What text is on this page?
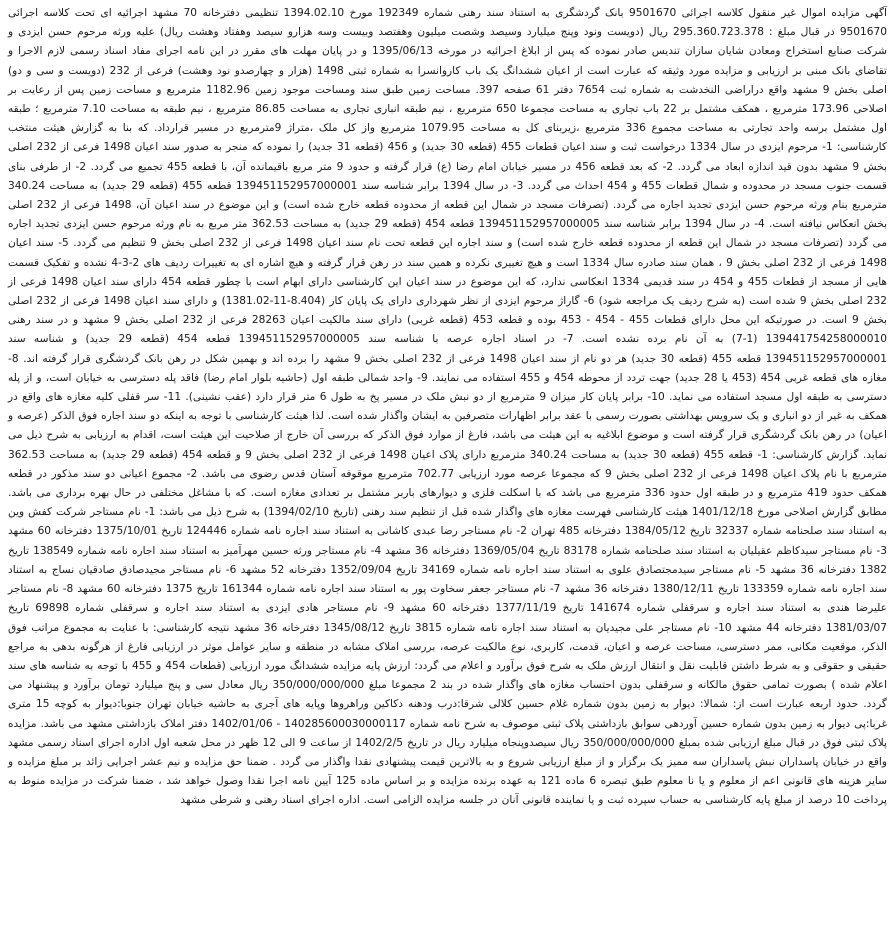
آگهی مزایده اموال غیر منقول کلاسه اجرائی 9501670 بانک گردشگری به استناد سند رهنی شماره 192349 مورخ 1394.02.10 تنظیمی دفترخانه 70 مشهد اجرائیه ای تحت کلاسه اجرائی 9501670 در قبال مبلغ : 295.360.723.378 ریال (دویست ونود وپنج میلیارد وسیصد وشصت میلیون وهفتصد وبیست وسه هزارو سیصد وهفتاد وهشت ریال) علیه ورثه مرحوم حسن ایزدی و شرکت صنایع استخراج ومعادن شایان سازان تندیس صادر نموده که پس از ابلاغ اجرائیه در مورخه 1395/06/13 و در پایان مهلت های مقرر در این نامه اجرای مفاد اسناد رسمی لازم الاجرا و تقاضای بانک مبنی بر ارزیابی و مزایده مورد وثیقه که عبارت است از اعیان ششدانگ یک باب کاروانسرا به شماره ثبتی 1498 (هزار و چهارصدو نود وهشت) فرعی از 232 (دویست و سی و دو) اصلی بخش 9 مشهد واقع دراراضی النخدشت به شماره ثبت 7654 دفتر 61 صفحه 397. مساحت زمین طبق سند ومساحت موجود زمین 1182.96 مترمربع و مساحت زمین پس از رعایت بر اصلاحی 173.96 مترمربع ، همکف مشتمل بر 22 باب تجاری به مساحت مجموعا 650 مترمربع ، نیم طبقه انباری تجاری به مساحت 86.85 مترمربع ، نیم طبقه به مساحت 7.10 مترمربع ؛ طبقه اول مشتمل برسه واحد تجارتی به مساحت مجموع 336 مترمربع ،زیربنای کل به مساحت 1079.95 مترمربع واز کل ملک ،متراژ 9مترمربع در مسیر قرارداد. که بنا به گزارش هیئت منتخب کارشناسی: 1- مرحوم ایزدی در سال 1334 درخواست ثبت و سند اعیان قطعات 455 (قطعه 30 جدید) و 456 (قطعه 31 جدید) را نموده که منجر به صدور سند اعیان 1498 فرعی از 232 اصلی بخش 9 مشهد بدون قید اندازه ابعاد می گردد. 2- که بعد قطعه 456 در مسیر خیابان امام رضا (ع) قرار گرفته و حدود 9 متر مربع باقیمانده آن، با قطعه 455 تجمیع می گردد. 2- از طرفی بنای قسمت جنوب مسجد در محدوده و شمال قطعات 455 و 454 احداث می گردد. 3- در سال 1394 برابر شناسه سند 139451152957000001 قطعه 455 (قطعه 29 جدید) به مساحت 340.24 مترمربع بنام ورثه مرحوم حسن ایزدی تجدید اجاره می گردد. (تصرفات مسجد در شمال این قطعه از محدوده قطعه خارج شده است) و این موضوع در سند اعیان آن، 1498 فرعی از 232 اصلی بخش انعکاس نیافته است. 4- در سال 1394 برابر شناسه سند 139451152957000005 قطعه 454 (قطعه 29 جدید) به مساحت 362.53 متر مربع به نام ورثه مرحوم حسن ایزدی تجدید اجاره می گردد (تصرفات مسجد در شمال این قطعه از محدوده قطعه خارج شده است) و سند اجاره این قطعه تحت نام سند اعیان 1498 فرعی از 232 اصلی بخش 9 تنظیم می گردد. 5- سند اعیان 1498 فرعی از 232 اصلی بخش 9 ، همان سند صادره سال 1334 است و هیچ تغییری نکرده و همین سند در رهن قرار گرفته و هیچ اشاره ای به تغییرات ردیف های 2-3-4 نشده و تفکیک قسمت هایی از مسجد از قطعات 455 و 454 در سند قدیمی 1334 انعکاسی ندارد، که این موضوع در سند اعیان این کارشناسی دارای ابهام است با چطور قطعه 454 دارای سند اعیان 1498 فرعی از 232 اصلی بخش 9 شده است (به شرح ردیف یک مراجعه شود) 6- گاراژ مرحوم ایزدی از نظر شهرداری دارای یک پایان کار (8.404-11-1381.02) و دارای سند اعیان 1498 فرعی از 232 اصلی بخش 9 است. در صورتیکه این محل دارای قطعات 455 - 454 - 453 بوده و قطعه 453 (قطعه غربی) دارای سند مالکیت اعیان 28263 فرعی از 232 اصلی بخش 9 مشهد و در سند رهنی 139441754258000010 (1-7) به آن نام برده نشده است. 7- در اسناد اجاره عرصه با شناسه سند 139451152957000005 قطعه 454 (قطعه 29 جدید) و شناسه سند 139451152957000001 قطعه 455 (قطعه 30 جدید) هر دو نام از سند اعیان 1498 فرعی از 232 اصلی بخش 9 مشهد را برده اند و بهمین شکل در رهن بانک گردشگری قرار گرفته اند. 8- مغازه های قطعه غربی 454 (453 یا 28 جدید) جهت تردد از محوطه 454 و 455 استفاده می نمایند. 9- واحد شمالی طبقه اول (حاشیه بلوار امام رضا) فاقد پله دسترسی به خیابان است، و از پله دسترسی به طبقه اول مسجد استفاده می نماید. 10- برابر پایان کار میزان 9 مترمربع از دو نبش ملک در مسیر پخ به طول 6 متر قرار دارد (عقب نشینی). 11- سر قفلی کلیه مغازه های واقع در همکف به غیر از دو انباری و یک سرویس بهداشتی بصورت رسمی با عقد برابر اظهارات متصرفین به ایشان واگذار شده است. لذا هیئت کارشناسی با توجه به اینکه دو سند اجاره فوق الذکر (عرصه و اعیان) در رهن بانک گردشگری قرار گرفته است و موضوع ابلاغیه به این هیئت می باشد، فارغ از موارد فوق الذکر که بررسی آن خارج از صلاحیت این هیئت است، اقدام به ارزیابی به شرح ذیل می نماید. گزارش کارشناسی: 1- قطعه 455 (قطعه 30 جدید) به مساحت 340.24 مترمربع دارای پلاک اعیان 1498 فرعی از 232 اصلی بخش 9 و قطعه 454 (قطعه 29 جدید) به مساحت 362.53 مترمربع با نام پلاک اعیان 1498 فرعی از 232 اصلی بخش 9 که مجموعا عرصه مورد ارزیابی 702.77 مترمربع موقوفه آستان قدس رضوی می باشد. 2- مجموع اعیانی دو سند مذکور در قطعه همکف حدود 419 مترمربع و در طبقه اول حدود 336 مترمربع می باشد که با اسکلت فلزی و دیوارهای باربر مشتمل بر تعدادی مغازه است. که با مشاغل مختلفی در حال بهره برداری می باشد. مطابق گزارش اصلاحی مورخ 1401/12/18 هیئت کارشناسی فهرست مغازه های واگذار شده قبل از تنظیم سند رهنی (تاریخ 1394/02/10) به شرح ذیل می باشد: 1- نام مستاجر شرکت کفش وین به استناد سند صلحنامه شماره 32337 تاریخ 1384/05/12 دفترخانه 485 تهران 2- نام مستاجر رضا عبدی کاشانی به استناد سند اجاره نامه شماره 124446 تاریخ 1375/10/01 دفترخانه 60 مشهد 3- نام مستاجر سیدکاظم عقیلیان به استناد سند صلحنامه شماره 83178 تاریخ 1369/05/04 دفترخانه 36 مشهد 4- نام مستاجر ورثه حسین مهرآمیز به استناد سند اجاره نامه شماره 138549 تاریخ 1382 دفترخانه 36 مشهد 5- نام مستاجر سیدمجتصادق علوی به استناد سند اجاره نامه شماره 34169 تاریخ 1352/09/04 دفترخانه 52 مشهد 6- نام مستاجر مجیدصادق صادقیان نساج به استناد سند اجاره نامه شماره 133359 تاریخ 1380/12/11 دفترخانه 36 مشهد 7- نام مستاجر جعفر سخاوت پور به استناد سند اجاره نامه شماره 161344 تاریخ 1375 دفترخانه 60 مشهد 8- نام مستاجر علیرضا هندی به استناد سند اجاره و سرقفلی شماره 141674 تاریخ 1377/11/19 دفترخانه 60 مشهد 9- نام مستاجر هادی ایزدی به استناد سند اجاره و سرقفلی شماره 69898 تاریخ 1381/03/07 دفترخانه 44 مشهد 10- نام مستاجر علی مجیدیان به استناد سند اجاره نامه شماره 3815 تاریخ 1345/08/12 دفترخانه 36 مشهد نتیجه کارشناسی: با عنایت به مجموع مراتب فوق الذکر، موقعیت مکانی، ممر دسترسی، مساحت عرصه و اعیان، قدمت، کاربری، نوع مالکیت عرصه، بررسی املاک مشابه در منطقه و سایر عوامل موثر در ارزیابی فارغ از هرگونه بدهی به مراجع حقیقی و حقوقی و به شرط داشتن قابلیت نقل و انتقال ارزش ملک به شرح فوق برآورد و اعلام می گردد: ارزش پایه مزایده ششدانگ مورد ارزیابی (قطعات 454 و 455 با توجه به شناسه های سند اعلام شده ) بصورت تمامی حقوق مالکانه و سرقفلی بدون احتساب مغازه های واگذار شده در بند 2 مجموعا مبلغ 350/000/000/000 ریال معادل سی و پنج میلیارد تومان برآورد و پیشنهاد می گردد. حدود اربعه عبارت است از: شمالا: دیوار به زمین بدون شماره غلام حسین کلالی شرقا:درب ودهنه دکاکین وراهروها وپایه های آجری به حاشیه خیابان تهران جنوبا:دیوار به کوچه 15 متری غربا:پی دیوار به زمین بدون شماره حسین آوردهی سوابق بازداشتی پلاک ثبتی موصوف به شرح نامه شماره 140285600030000117 - 1402/01/06 دفتر املاک بازداشتی مشهد می باشد. مزایده پلاک ثبتی فوق در قبال مبلغ ارزیابی شده بمبلغ 350/000/000/000 ریال سیصدوپنجاه میلیارد ریال در تاریخ 1402/2/5 از ساعت 9 الی 12 ظهر در محل شعبه اول اداره اجرای اسناد رسمی مشهد واقع در خیابان پاسداران نبش پاسداران سه ممیز یک برگزار و از مبلغ ارزیابی شروع و به بالاترین قیمت پیشنهادی نقدا واگذار می گردد . ضمنا حق مزایده و نیم عشر اجرایی زائد بر مبلغ مزایده و سایر هزینه های قانونی اعم از معلوم و یا نا معلوم طبق تبصره 6 ماده 121 به عهده برنده مزایده و بر اساس ماده 125 آیین نامه اجرا نقدا وصول خواهد شد ، ضمنا شرکت در مزایده منوط به پرداخت 10 درصد از مبلغ پایه کارشناسی به حساب سپرده ثبت و یا نماینده قانونی آنان در جلسه مزایده الزامی است. اداره اجرای اسناد رهنی و شرطی مشهد
